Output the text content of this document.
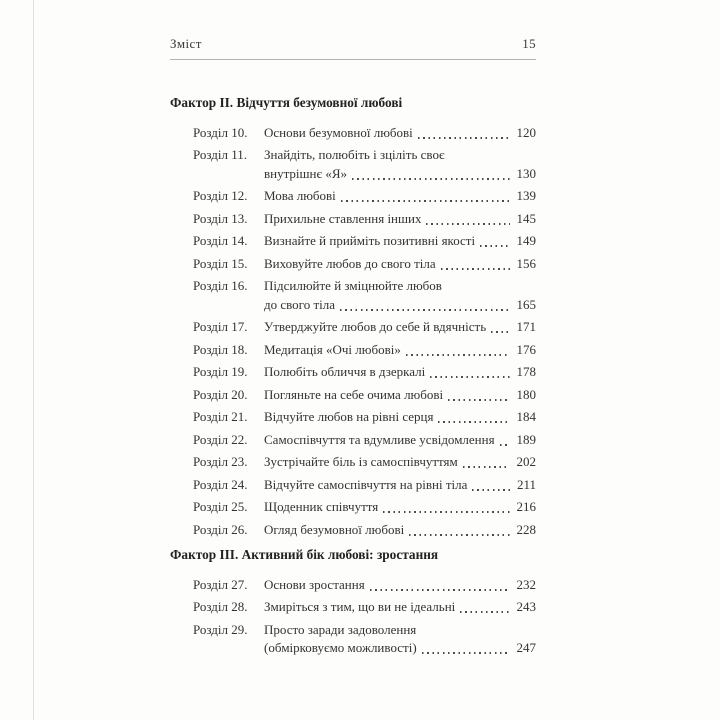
Зміст	15
Фактор ІІ. Відчуття безумовної любові
Розділ 10.	Основи безумовної любові	120
Розділ 11.	Знайдіть, полюбіть і зціліть своє
внутрішнє «Я»	130
Розділ 12.	Мова любові	139
Розділ 13.	Прихильне ставлення інших	145
Розділ 14.	Визнайте й прийміть позитивні якості	149
Розділ 15.	Виховуйте любов до свого тіла	156
Розділ 16.	Підсилюйте й зміцнюйте любов
до свого тіла	165
Розділ 17.	Утверджуйте любов до себе й вдячність 171
Розділ 18.	Медитація «Очі любові»	176
Розділ 19.	Полюбіть обличчя в дзеркалі	178
Розділ 20.	Погляньте на себе очима любові	180
Розділ 21.	Відчуйте любов на рівні серця	184
Розділ 22.	Самоспівчуття та вдумливе усвідомлення 189
Розділ 23.	Зустрічайте біль із самоспівчуттям	202
Розділ 24.	Відчуйте самоспівчуття на рівні тіла	211
Розділ 25.	Щоденник співчуття	216
Розділ 26.	Огляд безумовної любові	228
Фактор ІІІ. Активний бік любові: зростання
Розділ 27.	Основи зростання	232
Розділ 28.	Змиріться з тим, що ви не ідеальні	243
Розділ 29.	Просто заради задоволення
(обмірковуємо можливості)	247
